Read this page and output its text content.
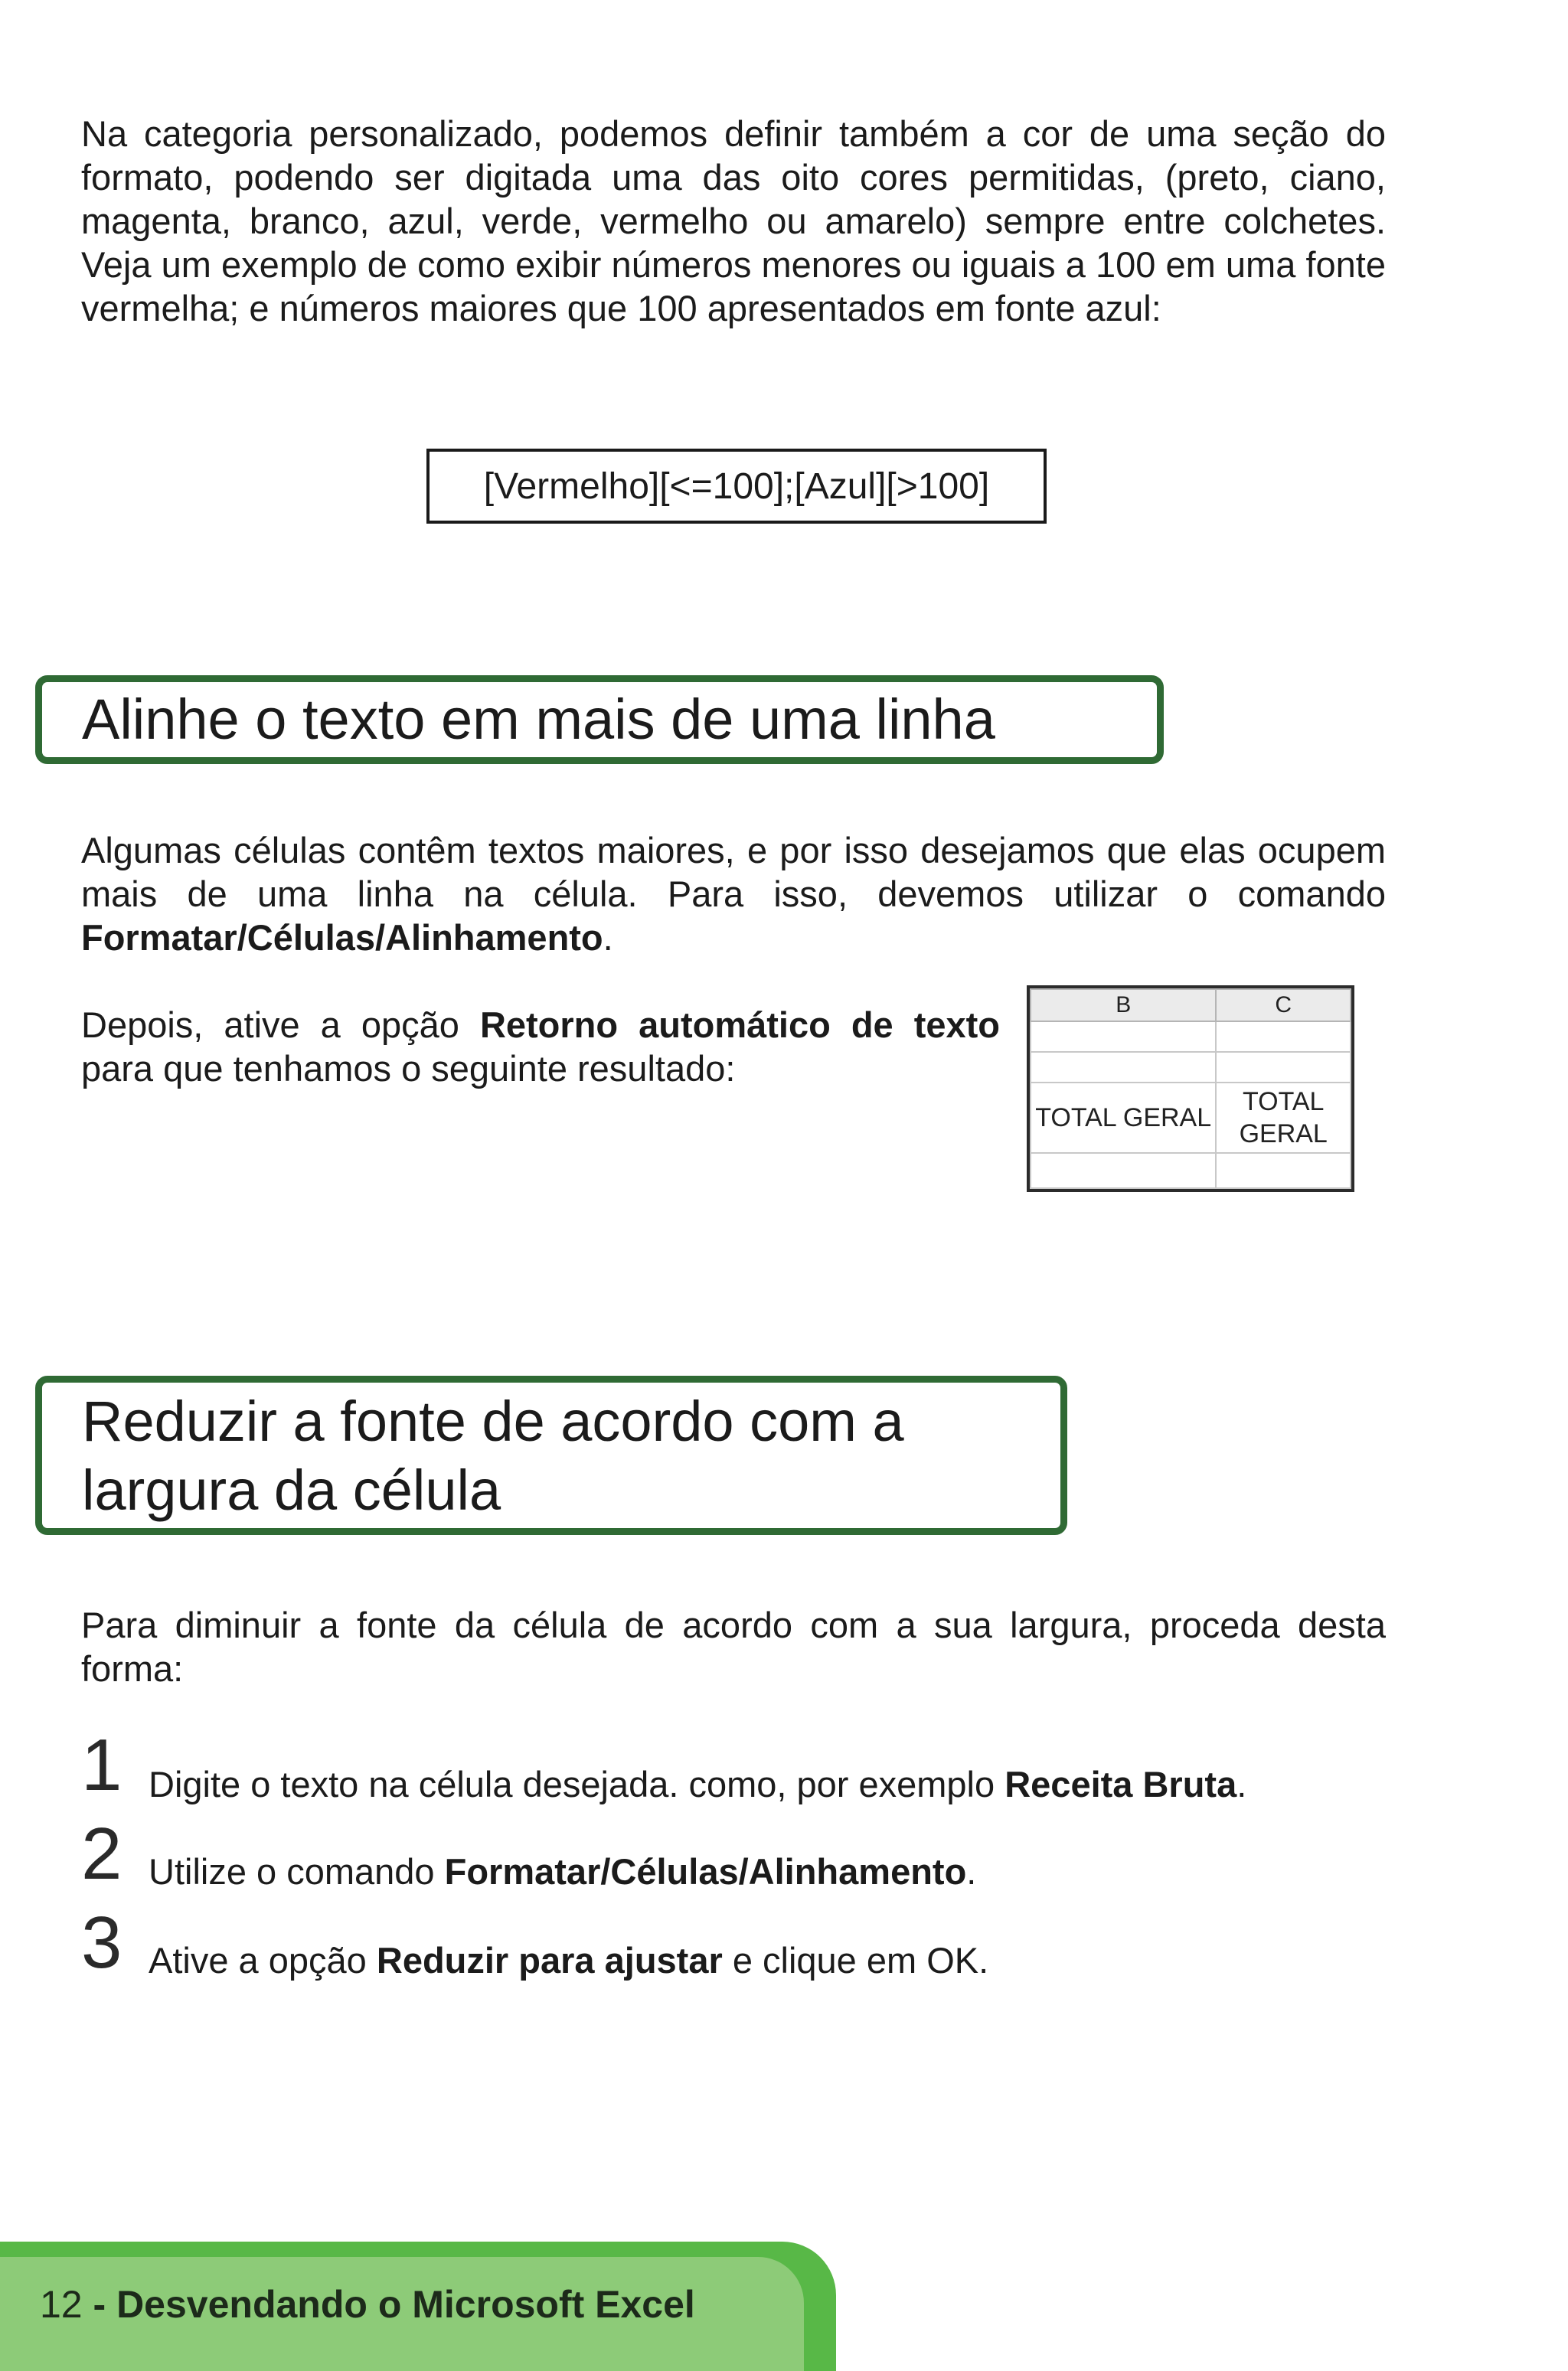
Na categoria personalizado, podemos definir também a cor de uma seção do formato, podendo ser digitada uma das oito cores permitidas, (preto, ciano, magenta, branco, azul, verde, vermelho ou amarelo) sempre entre colchetes. Veja um exemplo de como exibir números menores ou iguais a 100 em uma fonte vermelha; e números maiores que 100 apresentados em fonte azul:

[Vermelho][<=100];[Azul][>100]
Alinhe o texto em mais de uma linha

Algumas células contêm textos maiores, e por isso desejamos que elas ocupem mais de uma linha na célula. Para isso, devemos utilizar o comando Formatar/Células/Alinhamento.

Depois, ative a opção Retorno automático de texto para que tenhamos o seguinte resultado:

B	C

TOTAL GERAL	TOTAL
GERAL

Reduzir a fonte de acordo com a
largura da célula

Para diminuir a fonte da célula de acordo com a sua largura, proceda desta forma:

1 Digite o texto na célula desejada. como, por exemplo Receita Bruta.
2 Utilize o comando Formatar/Células/Alinhamento.
3 Ative a opção Reduzir para ajustar e clique em OK.
12 - Desvendando o Microsoft Excel
